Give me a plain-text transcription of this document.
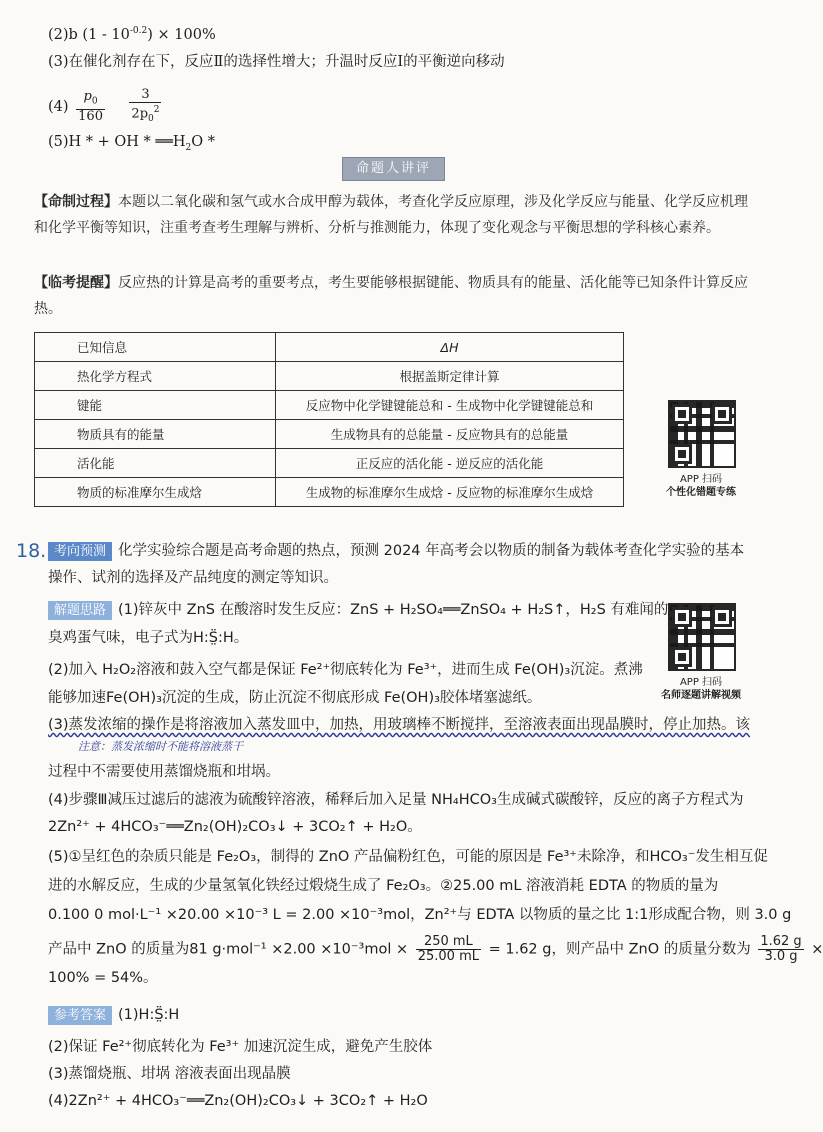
(2)b $(1 - 10^{-0.2}) \times 100\%$
(3)在催化剂存在下，反应Ⅱ的选择性增大；升温时反应Ⅰ的平衡逆向移动
$(4) \frac{p_0}{160}$
$\frac{3}{2p_0^2}$
(5)H * + OH * $══H_2O$ *
命题人讲评
【命制过程】本题以二氧化碳和氢气或水合成甲醇为载体，考查化学反应原理，涉及化学反应与能量、化学反应机理和化学平衡等知识，注重考查考生理解与辨析、分析与推测能力，体现了变化观念与平衡思想的学科核心素养。
【临考提醒】反应热的计算是高考的重要考点，考生要能够根据键能、物质具有的能量、活化能等已知条件计算反应热。
已知信息	ΔH
热化学方程式	根据盖斯定律计算
键能	反应物中化学键键能总和 - 生成物中化学键键能总和
物质具有的能量	生成物具有的总能量 - 反应物具有的总能量
活化能	正反应的活化能 - 逆反应的活化能
物质的标准摩尔生成焓	生成物的标准摩尔生成焓 - 反应物的标准摩尔生成焓
APP 扫码
个性化错题专练
18. 考向预测 化学实验综合题是高考命题的热点，预测 2024 年高考会以物质的制备为载体考查化学实验的基本
操作、试剂的选择及产品纯度的测定等知识。
解题思路 (1)锌灰中 ZnS 在酸溶时发生反应：ZnS + H₂SO₄══ZnSO₄ + H₂S↑，H₂S 有难闻的
臭鸡蛋气味，电子式为H:S̤̈:H。
APP 扫码
名师逐题讲解视频
(2)加入 H₂O₂溶液和鼓入空气都是保证 Fe²⁺彻底转化为 Fe³⁺，进而生成 Fe(OH)₃沉淀。煮沸
能够加速Fe(OH)₃沉淀的生成，防止沉淀不彻底形成 Fe(OH)₃胶体堵塞滤纸。
(3)蒸发浓缩的操作是将溶液加入蒸发皿中，加热，用玻璃棒不断搅拌，至溶液表面出现晶膜时，停止加热。该
注意：蒸发浓缩时不能将溶液蒸干
过程中不需要使用蒸馏烧瓶和坩埚。
(4)步骤Ⅲ减压过滤后的滤液为硫酸锌溶液，稀释后加入足量 NH₄HCO₃生成碱式碳酸锌，反应的离子方程式为
2Zn²⁺ + 4HCO₃⁻══Zn₂(OH)₂CO₃↓ + 3CO₂↑ + H₂O。
(5)①呈红色的杂质只能是 Fe₂O₃，制得的 ZnO 产品偏粉红色，可能的原因是 Fe³⁺未除净，和HCO₃⁻发生相互促
进的水解反应，生成的少量氢氧化铁经过煅烧生成了 Fe₂O₃。②25.00 mL 溶液消耗 EDTA 的物质的量为
0.100 0 mol·L⁻¹ ×20.00 ×10⁻³ L = 2.00 ×10⁻³mol，Zn²⁺与 EDTA 以物质的量之比 1:1形成配合物，则 3.0 g
产品中 ZnO 的质量为81 $g\cdot mol^{-1} \times 2.00 \times 10^{-3}mol \times \frac{250 mL}{25.00 mL} = 1.62$ g，则产品中 ZnO 的质量分数为 $\frac{1.62 g}{3.0 g}$ ×
100% = 54%。
参考答案 (1)H:S̤̈:H
(2)保证 Fe²⁺彻底转化为 Fe³⁺ 加速沉淀生成，避免产生胶体
(3)蒸馏烧瓶、坩埚 溶液表面出现晶膜
(4)2Zn²⁺ + 4HCO₃⁻══Zn₂(OH)₂CO₃↓ + 3CO₂↑ + H₂O
